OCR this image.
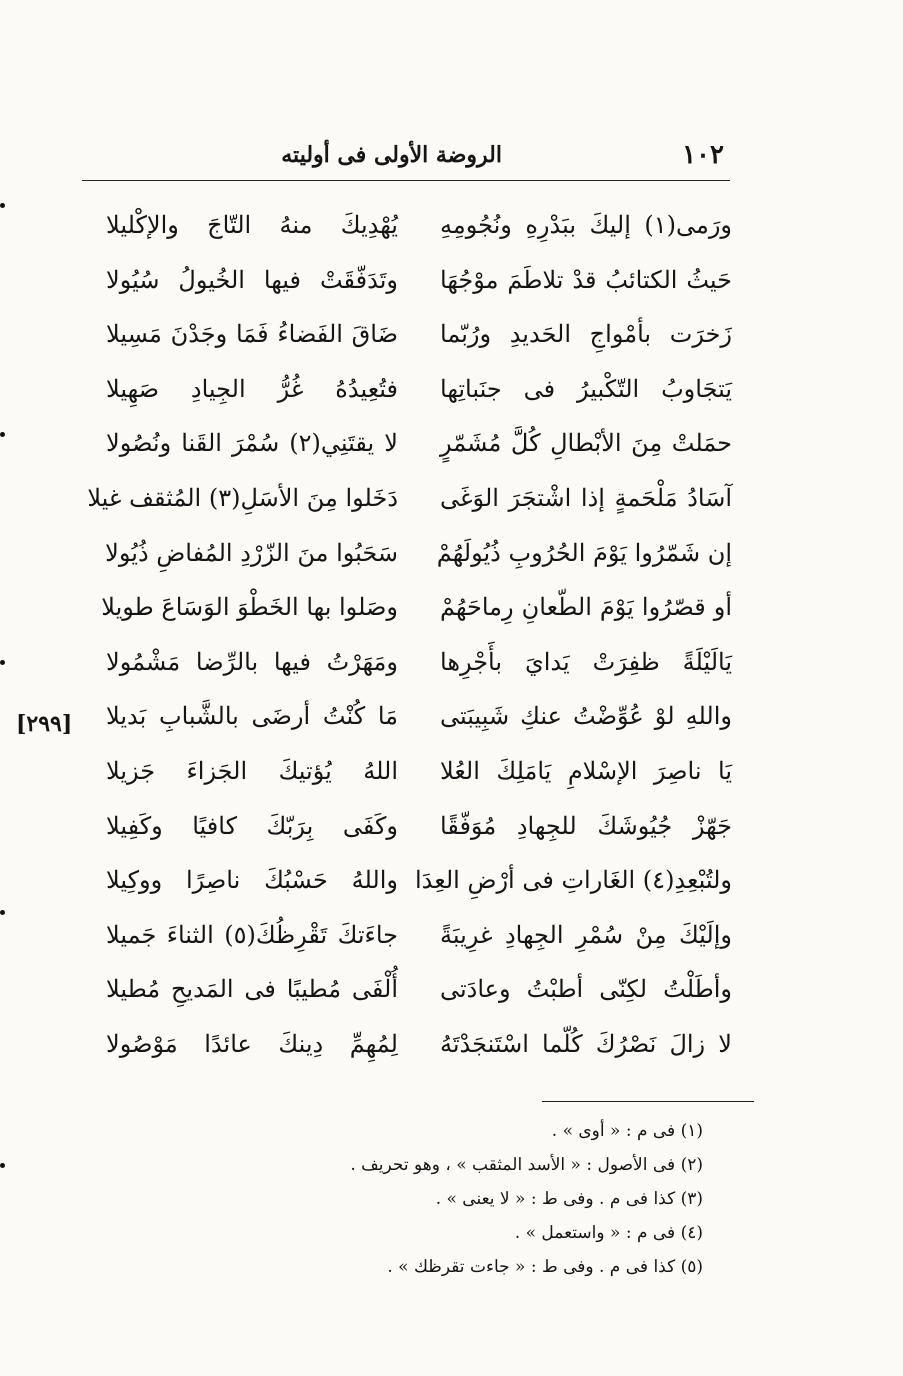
١٠٢
الروضة الأولى فى أوليته
ورَمى(١) إليكَ ببَدْرِهِ ونُجُومِهِ
يُهْدِيكَ منهُ التّاجَ والإكْليلا
حَيثُ الكتائبُ قدْ تلاطَمَ موْجُهَا
وتَدَفّقَتْ فيها الخُيولُ سُيُولا
زَخرَت بأمْواجِ الحَديدِ ورُبّما
ضَاقَ الفَضاءُ فَمَا وجَدْنَ مَسِيلا
يَتجَاوبُ التّكْبيرُ فى جنَباتِها
فتُعِيدُهُ غُرُّ الجِيادِ صَهِيلا
حمَلتْ مِنَ الأبْطالِ كُلَّ مُشَمّرٍ
لا يقتَنِي(٢) سُمْرَ القَنا ونُصُولا
آسَادُ مَلْحَمةٍ إذا اشْتجَرَ الوَغَى
دَخَلوا مِنَ الأسَلِ(٣) المُثقف غيلا
إن شَمّرُوا يَوْمَ الحُرُوبِ ذُيُولَهُمْ
سَحَبُوا منَ الزّرْدِ المُفاضِ ذُيُولا
أو قصّرُوا يَوْمَ الطّعانِ رِماحَهُمْ
وصَلوا بها الخَطْوَ الوَسَاعَ طويلا
يَالَيْلَةً ظفِرَتْ يَدايَ بأَجْرِها
ومَهَرْتُ فيها بالرِّضا مَشْمُولا
واللهِ لوْ عُوِّضْتُ عنكِ شَبِيبَتى
مَا كُنْتُ أرضَى بالشَّبابِ بَديلا
يَا ناصِرَ الإسْلامِ يَامَلِكَ العُلا
اللهُ يُؤتيكَ الجَزاءَ جَزيلا
جَهّزْ جُيُوشَكَ للجِهادِ مُوَفّقًا
وكَفَى بِرَبّكَ كافيًا وكَفِيلا
ولتُبْعِدِ(٤) الغَاراتِ فى أرْضِ العِدَا
واللهُ حَسْبُكَ ناصِرًا ووكِيلا
وإلَيْكَ مِنْ سُمْرِ الجِهادِ غرِيبَةً
جاءَتكَ تَقْرِظُكَ(٥) الثناءَ جَميلا
وأطَلْتُ لكِنّى أطبْتُ وعادَتى
أُلْفَى مُطيبًا فى المَديحِ مُطيلا
لا زالَ نَصْرُكَ كُلّما اسْتَنجَدْتَهُ
لِمُهِمِّ دِينكَ عائدًا مَوْصُولا
[٢٩٩]
(١) فى م : « أوى » .
(٢) فى الأصول : « الأسد المثقب » ، وهو تحريف .
(٣) كذا فى م . وفى ط : « لا يعنى » .
(٤) فى م : « واستعمل » .
(٥) كذا فى م . وفى ط : « جاءت تقرظك » .
